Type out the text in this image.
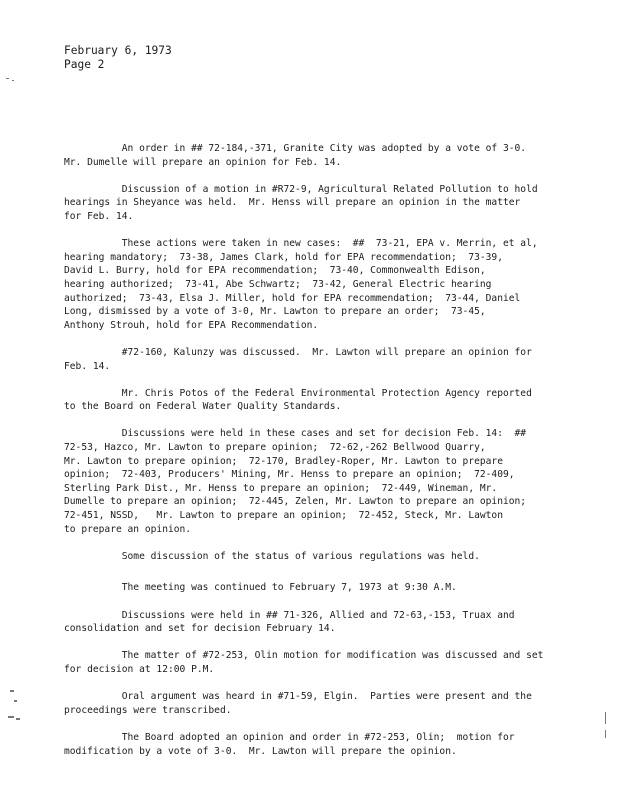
February 6, 1973
Page 2
An order in ## 72-184,-371, Granite City was adopted by a vote of 3-0.
Mr. Dumelle will prepare an opinion for Feb. 14.
Discussion of a motion in #R72-9, Agricultural Related Pollution to hold
hearings in Sheyance was held.  Mr. Henss will prepare an opinion in the matter
for Feb. 14.
These actions were taken in new cases:  ##  73-21, EPA v. Merrin, et al,
hearing mandatory;  73-38, James Clark, hold for EPA recommendation;  73-39,
David L. Burry, hold for EPA recommendation;  73-40, Commonwealth Edison,
hearing authorized;  73-41, Abe Schwartz;  73-42, General Electric hearing
authorized;  73-43, Elsa J. Miller, hold for EPA recommendation;  73-44, Daniel
Long, dismissed by a vote of 3-0, Mr. Lawton to prepare an order;  73-45,
Anthony Strouh, hold for EPA Recommendation.
#72-160, Kalunzy was discussed.  Mr. Lawton will prepare an opinion for
Feb. 14.
Mr. Chris Potos of the Federal Environmental Protection Agency reported
to the Board on Federal Water Quality Standards.
Discussions were held in these cases and set for decision Feb. 14:  ##
72-53, Hazco, Mr. Lawton to prepare opinion;  72-62,-262 Bellwood Quarry,
Mr. Lawton to prepare opinion;  72-170, Bradley-Roper, Mr. Lawton to prepare
opinion;  72-403, Producers' Mining, Mr. Henss to prepare an opinion;  72-409,
Sterling Park Dist., Mr. Henss to prepare an opinion;  72-449, Wineman, Mr.
Dumelle to prepare an opinion;  72-445, Zelen, Mr. Lawton to prepare an opinion;
72-451, NSSD,   Mr. Lawton to prepare an opinion;  72-452, Steck, Mr. Lawton
to prepare an opinion.
Some discussion of the status of various regulations was held.
The meeting was continued to February 7, 1973 at 9:30 A.M.
Discussions were held in ## 71-326, Allied and 72-63,-153, Truax and
consolidation and set for decision February 14.
The matter of #72-253, Olin motion for modification was discussed and set
for decision at 12:00 P.M.
Oral argument was heard in #71-59, Elgin.  Parties were present and the
proceedings were transcribed.
The Board adopted an opinion and order in #72-253, Olin;  motion for
modification by a vote of 3-0.  Mr. Lawton will prepare the opinion.
